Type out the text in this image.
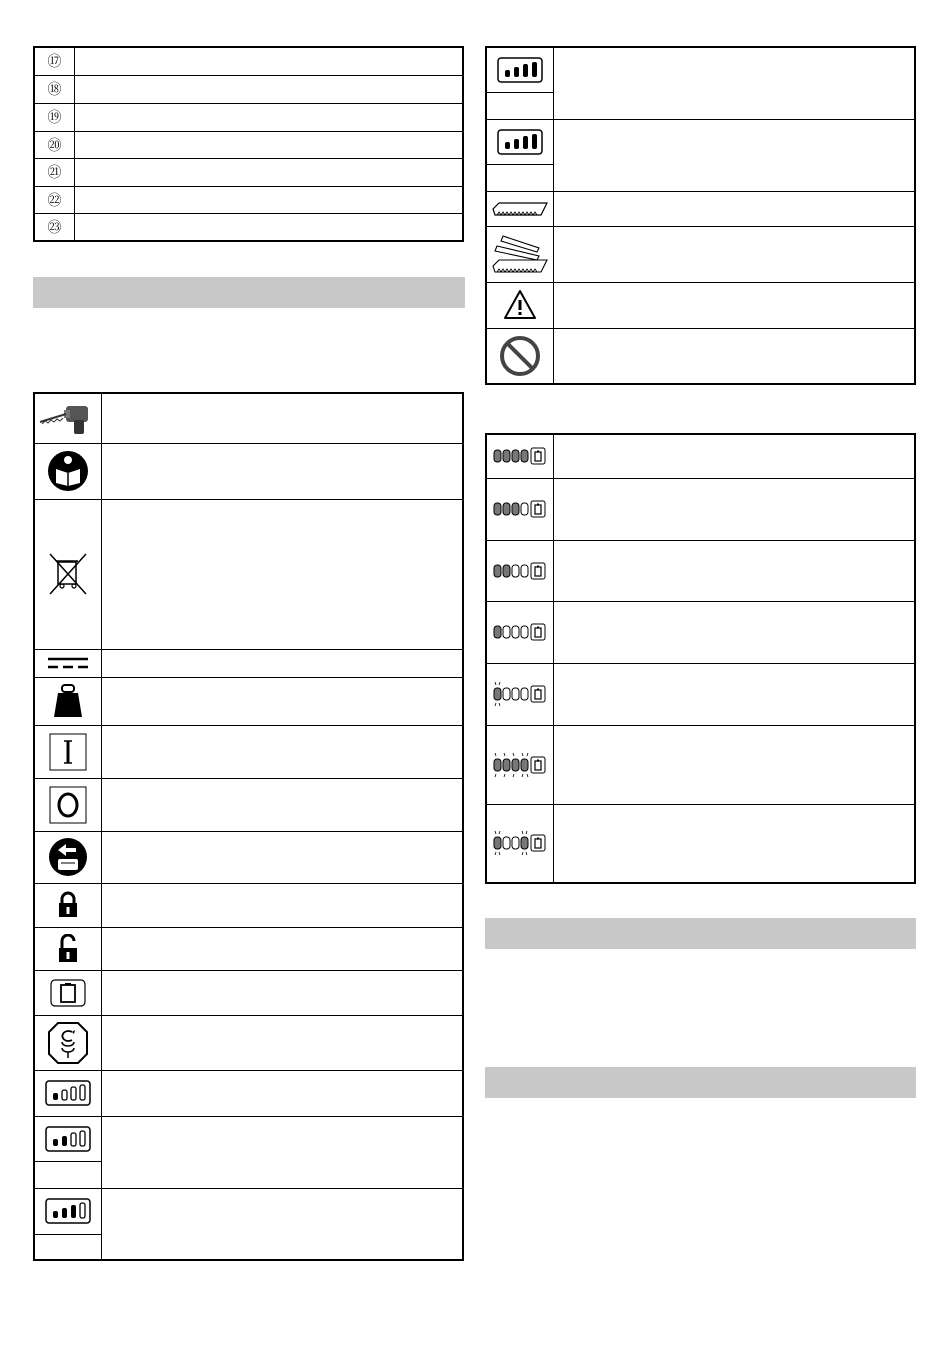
⑰	
⑱	
⑲	
⑳	
㉑	
㉒	
㉓	
